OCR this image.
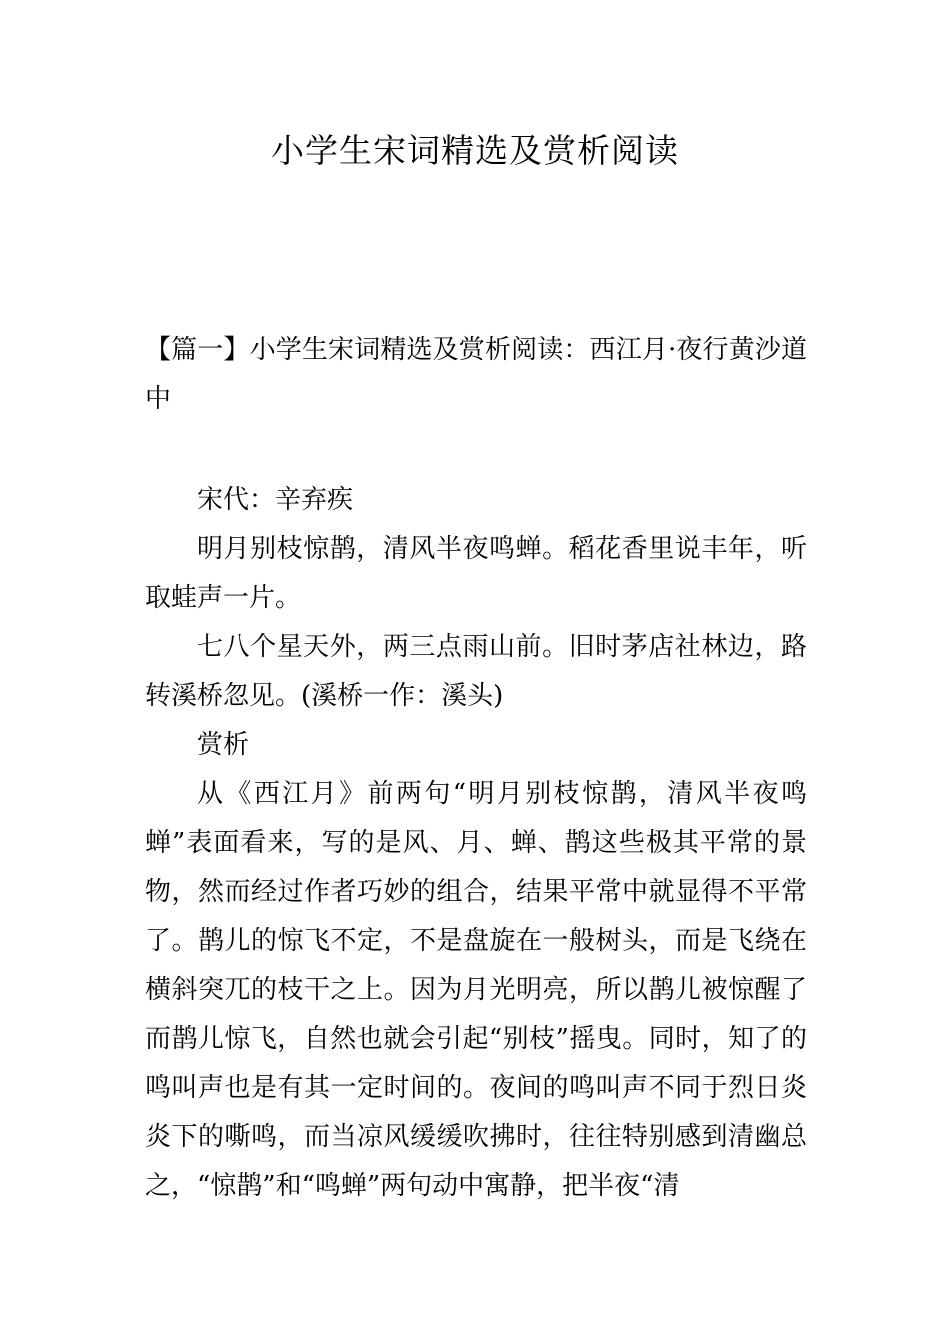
小学生宋词精选及赏析阅读

【篇一】小学生宋词精选及赏析阅读：西江月·夜行黄沙道中

宋代：辛弃疾

明月别枝惊鹊，清风半夜鸣蝉。稻花香里说丰年，听取蛙声一片。

七八个星天外，两三点雨山前。旧时茅店社林边，路转溪桥忽见。(溪桥一作：溪头)

赏析

从《西江月》前两句“明月别枝惊鹊，清风半夜鸣蝉”表面看来，写的是风、月、蝉、鹊这些极其平常的景物，然而经过作者巧妙的组合，结果平常中就显得不平常了。鹊儿的惊飞不定，不是盘旋在一般树头，而是飞绕在横斜突兀的枝干之上。因为月光明亮，所以鹊儿被惊醒了而鹊儿惊飞，自然也就会引起“别枝”摇曳。同时，知了的鸣叫声也是有其一定时间的。夜间的鸣叫声不同于烈日炎炎下的嘶鸣，而当凉风缓缓吹拂时，往往特别感到清幽总之，“惊鹊”和“鸣蝉”两句动中寓静，把半夜“清
